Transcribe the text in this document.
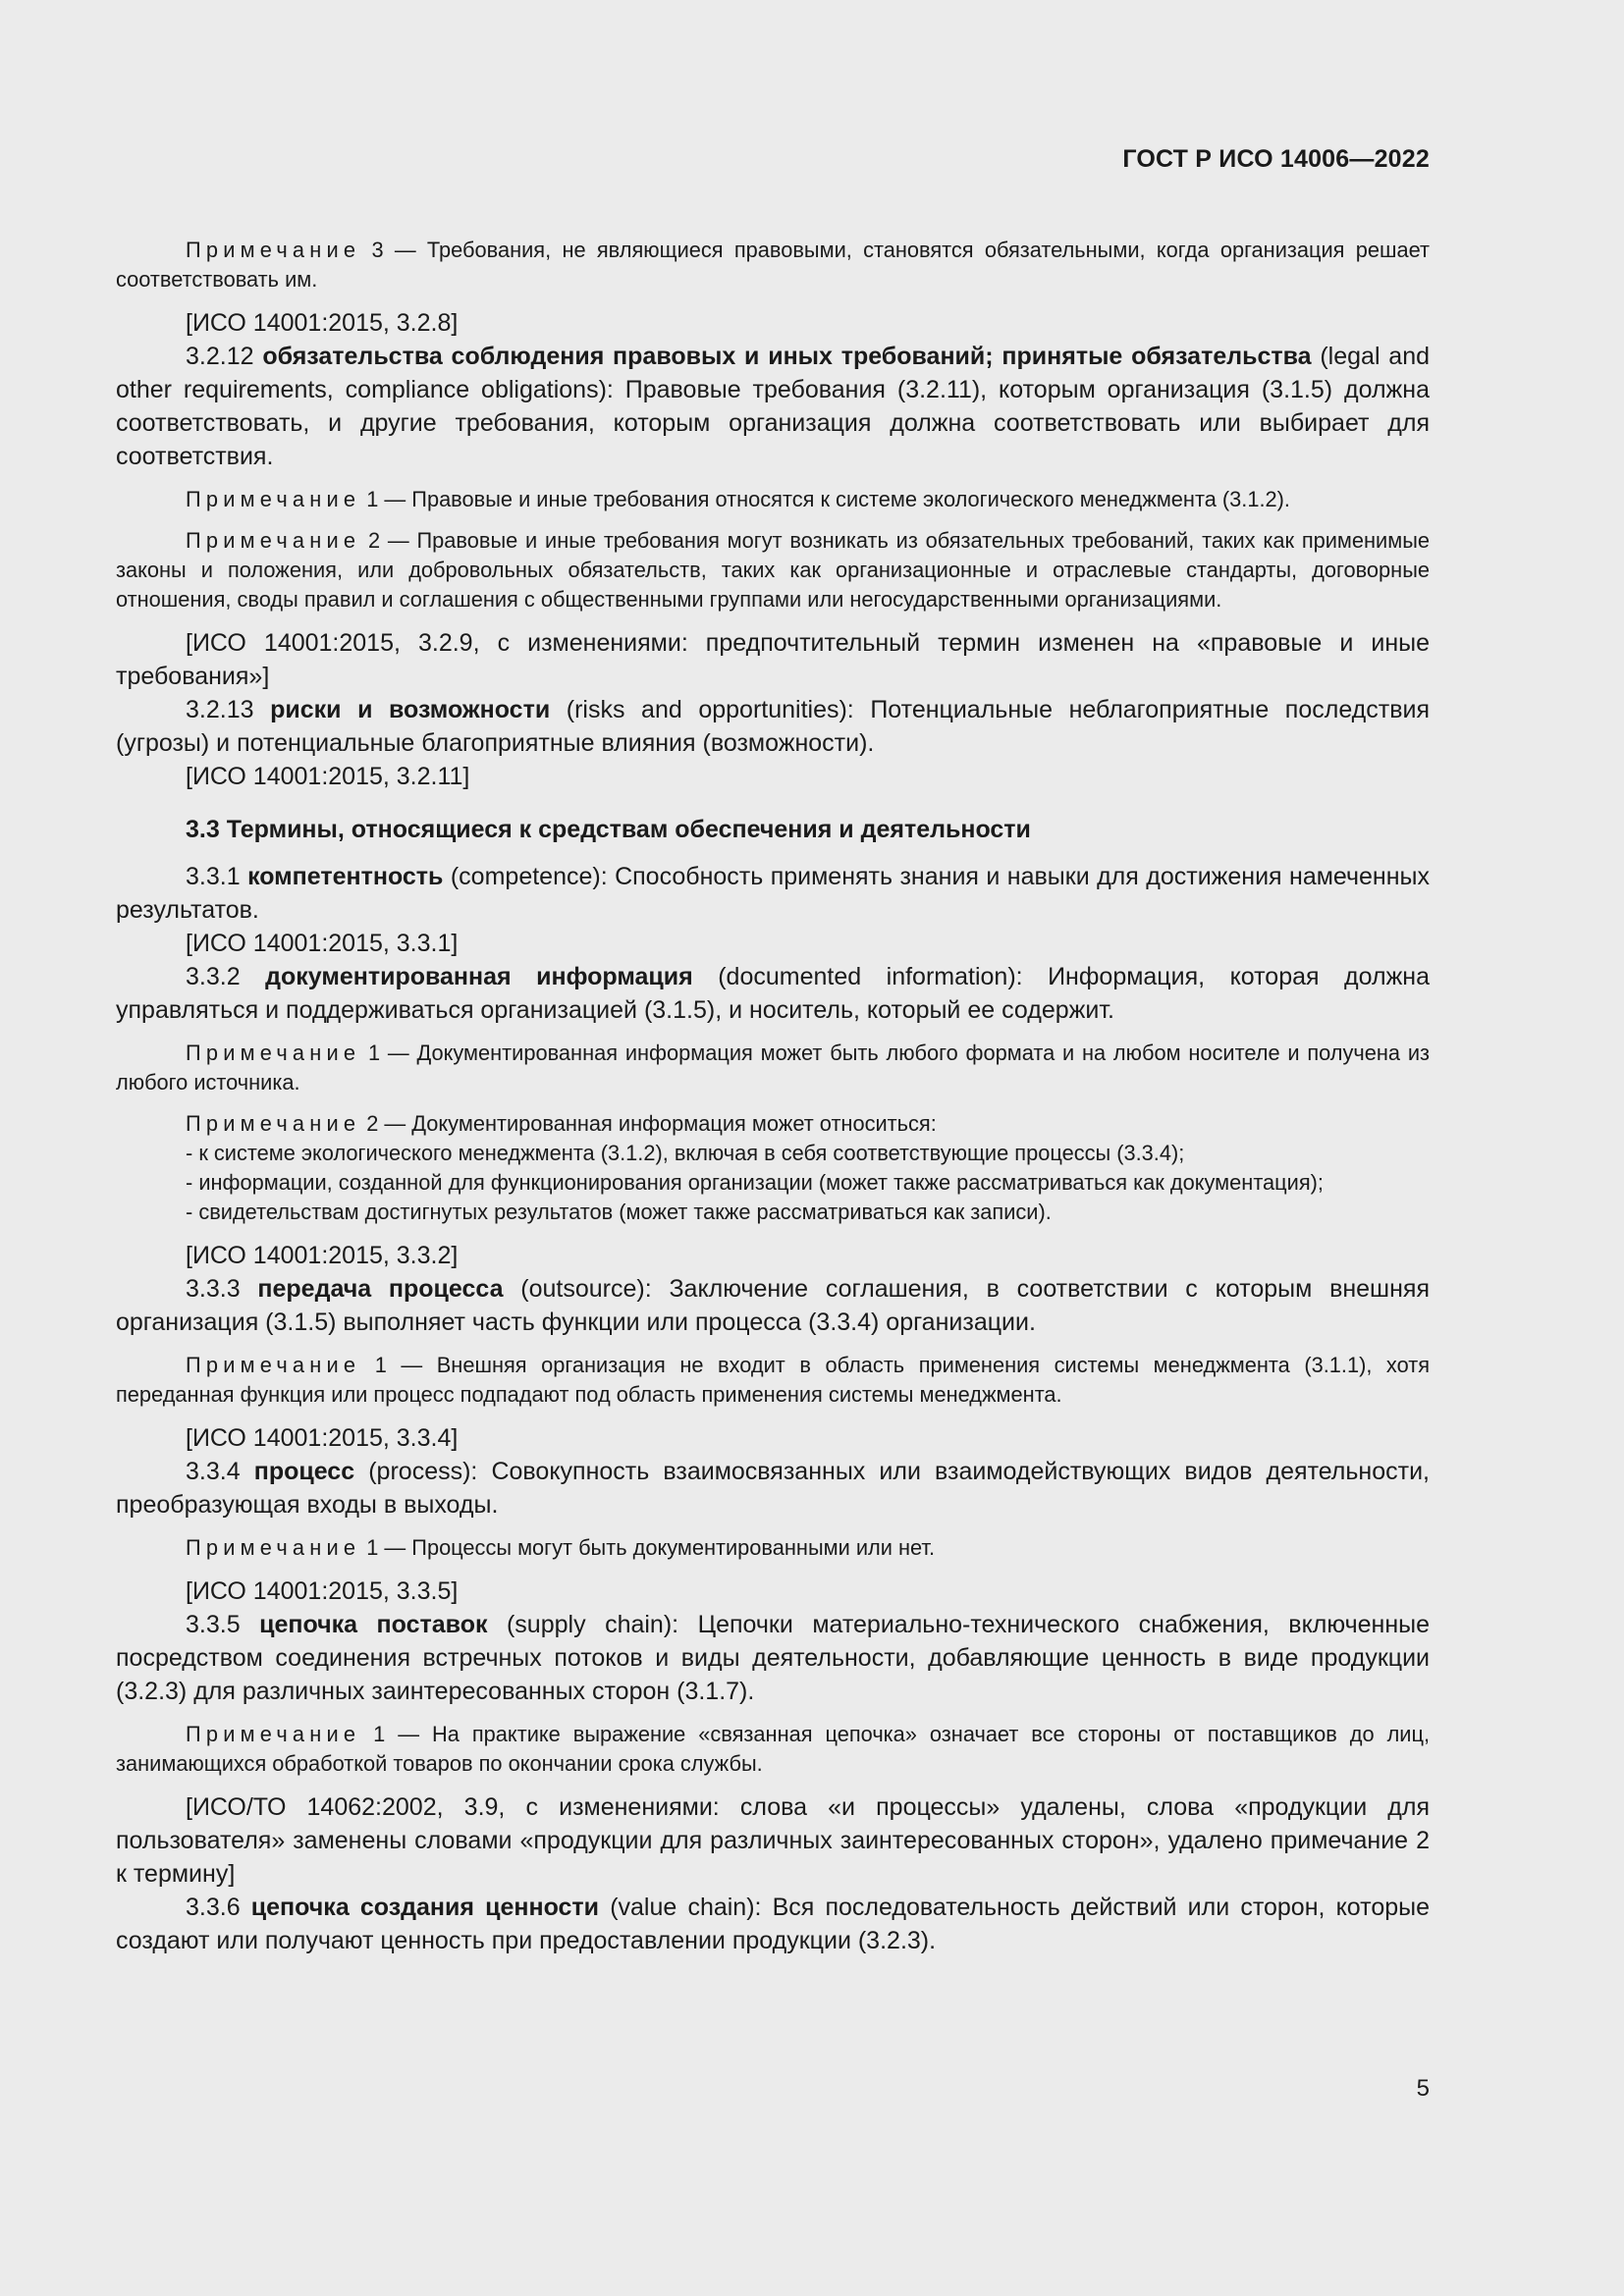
ГОСТ Р ИСО 14006—2022

Примечание 3 — Требования, не являющиеся правовыми, становятся обязательными, когда организация решает соответствовать им.

[ИСО 14001:2015, 3.2.8]

3.2.12 обязательства соблюдения правовых и иных требований; принятые обязательства (legal and other requirements, compliance obligations): Правовые требования (3.2.11), которым организация (3.1.5) должна соответствовать, и другие требования, которым организация должна соответствовать или выбирает для соответствия.

Примечание 1 — Правовые и иные требования относятся к системе экологического менеджмента (3.1.2).

Примечание 2 — Правовые и иные требования могут возникать из обязательных требований, таких как применимые законы и положения, или добровольных обязательств, таких как организационные и отраслевые стандарты, договорные отношения, своды правил и соглашения с общественными группами или негосударственными организациями.

[ИСО 14001:2015, 3.2.9, с изменениями: предпочтительный термин изменен на «правовые и иные требования»]

3.2.13 риски и возможности (risks and opportunities): Потенциальные неблагоприятные последствия (угрозы) и потенциальные благоприятные влияния (возможности).

[ИСО 14001:2015, 3.2.11]

3.3 Термины, относящиеся к средствам обеспечения и деятельности

3.3.1 компетентность (competence): Способность применять знания и навыки для достижения намеченных результатов.

[ИСО 14001:2015, 3.3.1]

3.3.2 документированная информация (documented information): Информация, которая должна управляться и поддерживаться организацией (3.1.5), и носитель, который ее содержит.

Примечание 1 — Документированная информация может быть любого формата и на любом носителе и получена из любого источника.

Примечание 2 — Документированная информация может относиться:

- к системе экологического менеджмента (3.1.2), включая в себя соответствующие процессы (3.3.4);

- информации, созданной для функционирования организации (может также рассматриваться как документация);

- свидетельствам достигнутых результатов (может также рассматриваться как записи).

[ИСО 14001:2015, 3.3.2]

3.3.3 передача процесса (outsource): Заключение соглашения, в соответствии с которым внешняя организация (3.1.5) выполняет часть функции или процесса (3.3.4) организации.

Примечание 1 — Внешняя организация не входит в область применения системы менеджмента (3.1.1), хотя переданная функция или процесс подпадают под область применения системы менеджмента.

[ИСО 14001:2015, 3.3.4]

3.3.4 процесс (process): Совокупность взаимосвязанных или взаимодействующих видов деятельности, преобразующая входы в выходы.

Примечание 1 — Процессы могут быть документированными или нет.

[ИСО 14001:2015, 3.3.5]

3.3.5 цепочка поставок (supply chain): Цепочки материально-технического снабжения, включенные посредством соединения встречных потоков и виды деятельности, добавляющие ценность в виде продукции (3.2.3) для различных заинтересованных сторон (3.1.7).

Примечание 1 — На практике выражение «связанная цепочка» означает все стороны от поставщиков до лиц, занимающихся обработкой товаров по окончании срока службы.

[ИСО/ТО 14062:2002, 3.9, с изменениями: слова «и процессы» удалены, слова «продукции для пользователя» заменены словами «продукции для различных заинтересованных сторон», удалено примечание 2 к термину]

3.3.6 цепочка создания ценности (value chain): Вся последовательность действий или сторон, которые создают или получают ценность при предоставлении продукции (3.2.3).

5
